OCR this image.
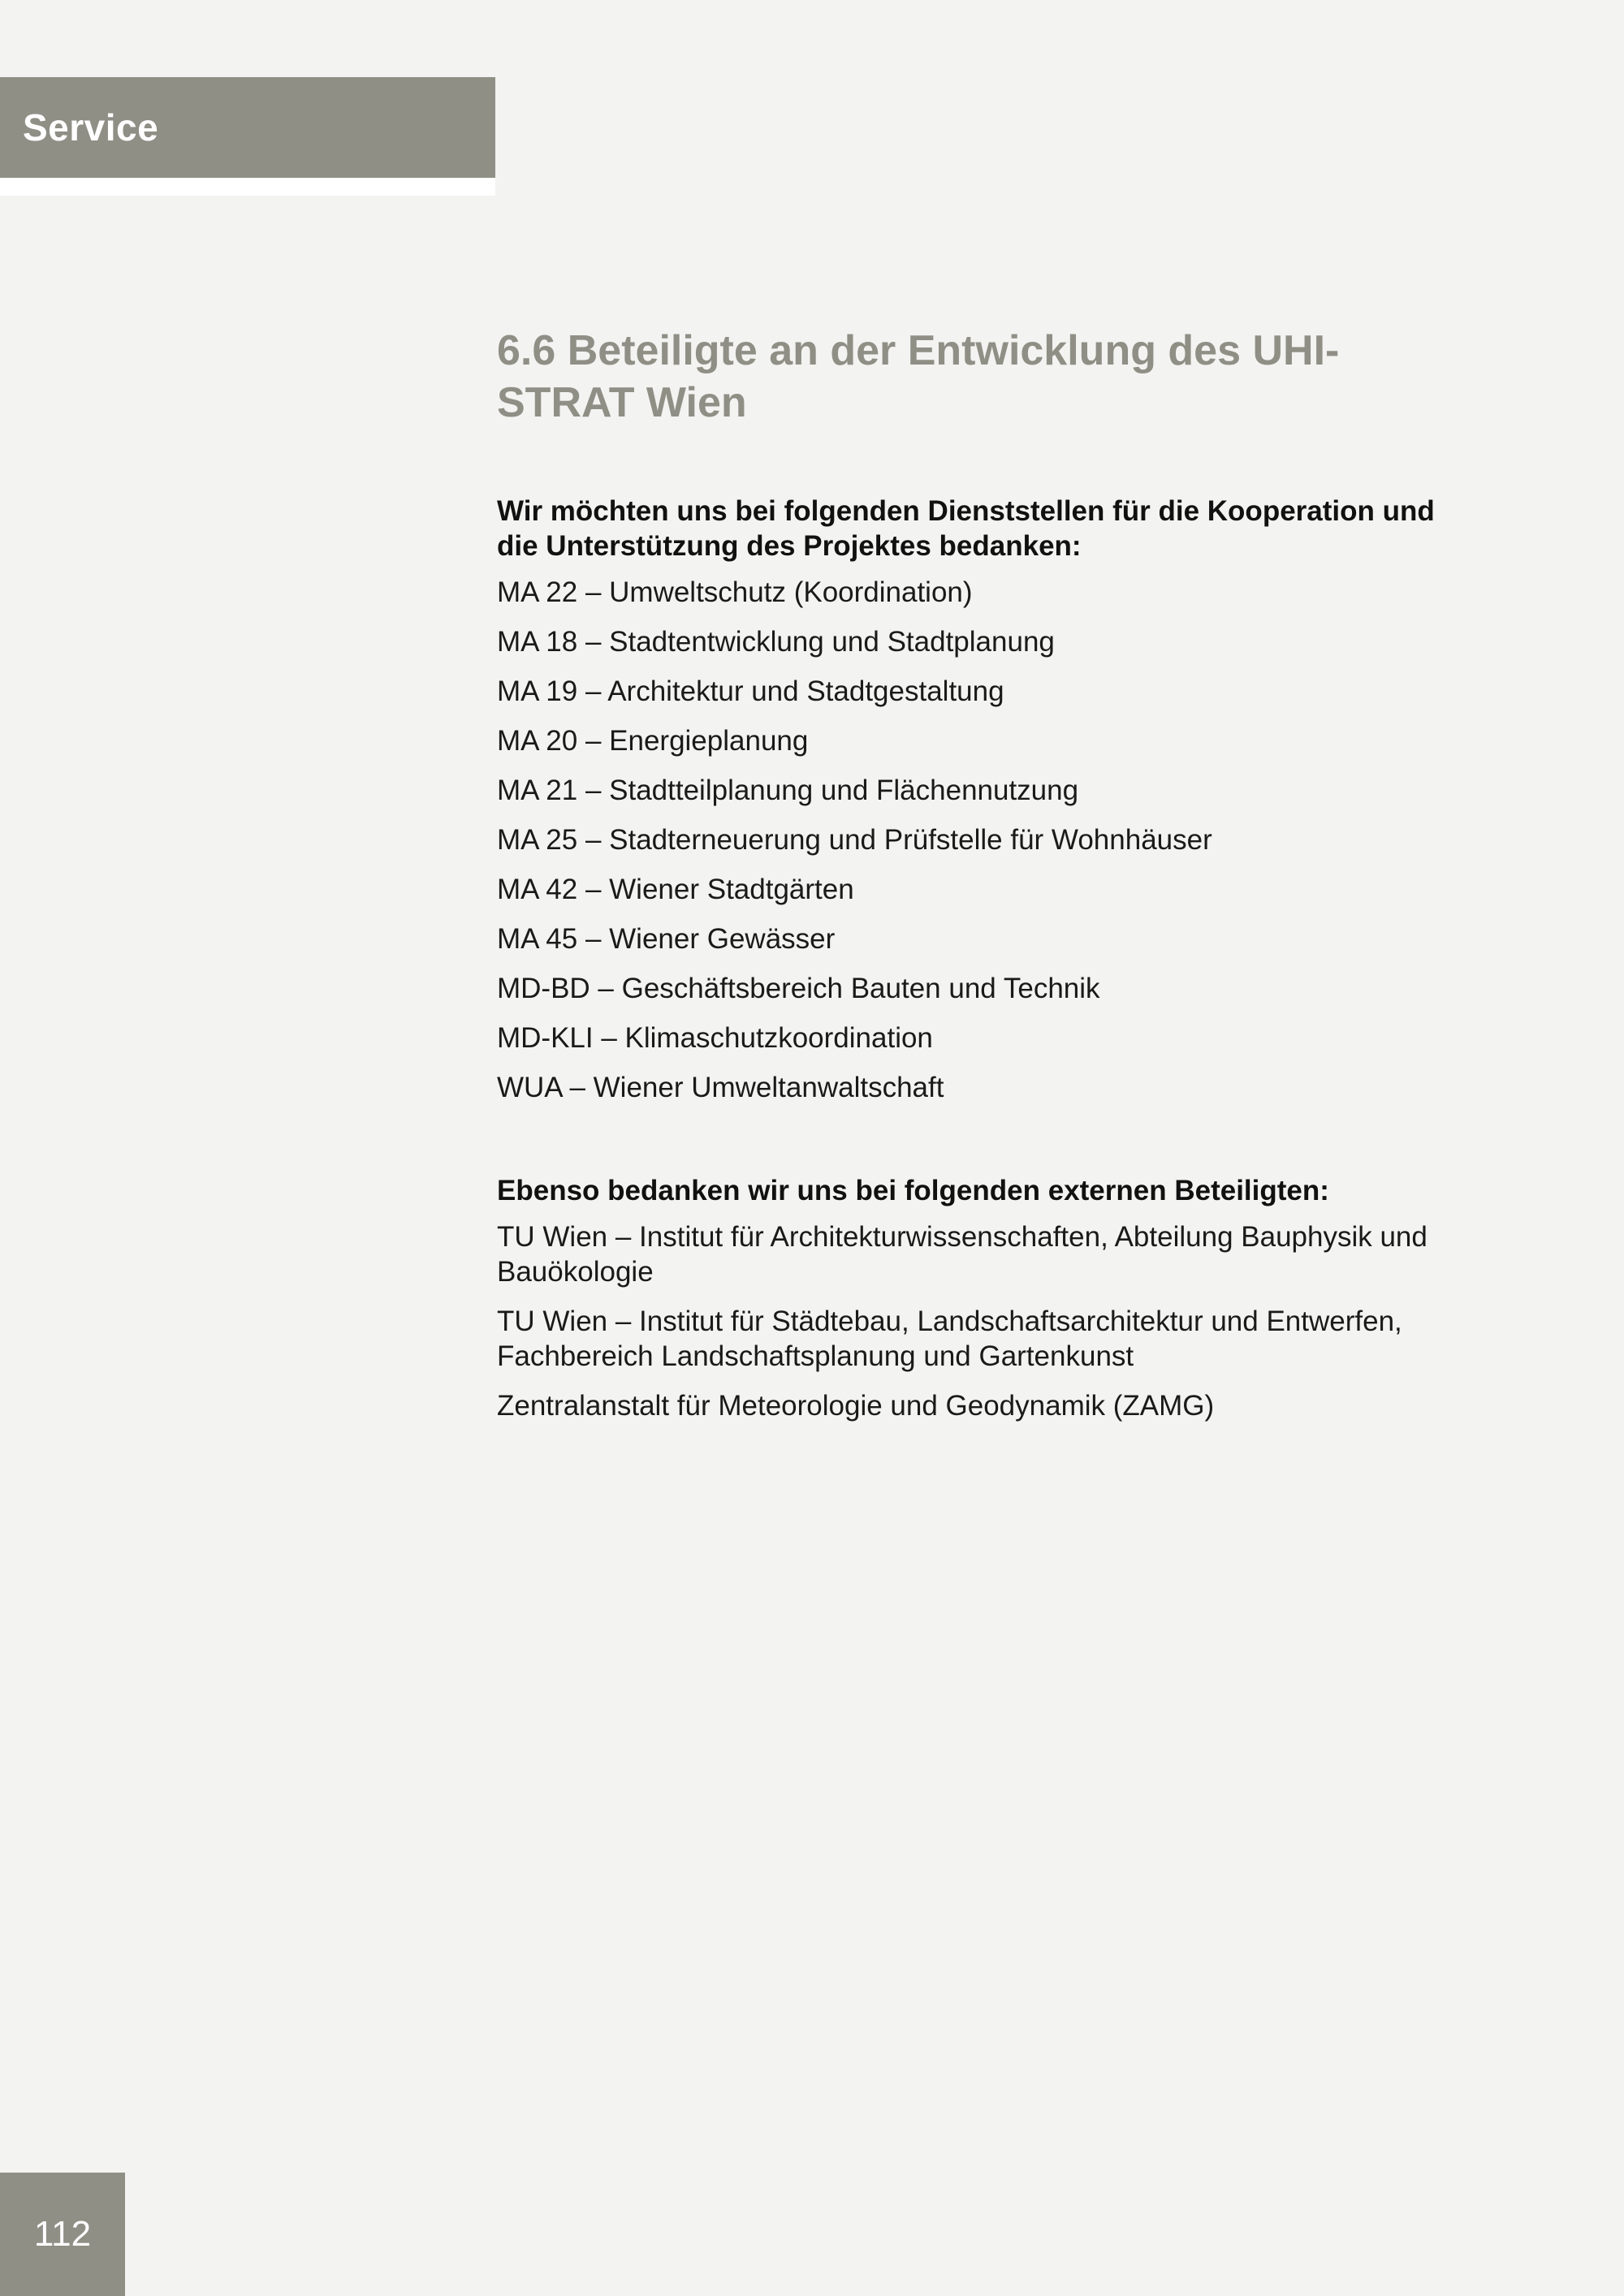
Service
6.6 Beteiligte an der Entwicklung des UHI-STRAT Wien

Wir möchten uns bei folgenden Dienststellen für die Kooperation und die Unterstützung des Projektes bedanken:

MA 22 – Umweltschutz (Koordination)
MA 18 – Stadtentwicklung und Stadtplanung
MA 19 – Architektur und Stadtgestaltung
MA 20 – Energieplanung
MA 21 – Stadtteilplanung und Flächennutzung
MA 25 – Stadterneuerung und Prüfstelle für Wohnhäuser
MA 42 – Wiener Stadtgärten
MA 45 – Wiener Gewässer
MD-BD – Geschäftsbereich Bauten und Technik
MD-KLI – Klimaschutzkoordination
WUA – Wiener Umweltanwaltschaft

Ebenso bedanken wir uns bei folgenden externen Beteiligten:

TU Wien – Institut für Architekturwissenschaften, Abteilung Bauphysik und Bauökologie
TU Wien – Institut für Städtebau, Landschaftsarchitektur und Entwerfen, Fachbereich Landschaftsplanung und Gartenkunst
Zentralanstalt für Meteorologie und Geodynamik (ZAMG)
112
